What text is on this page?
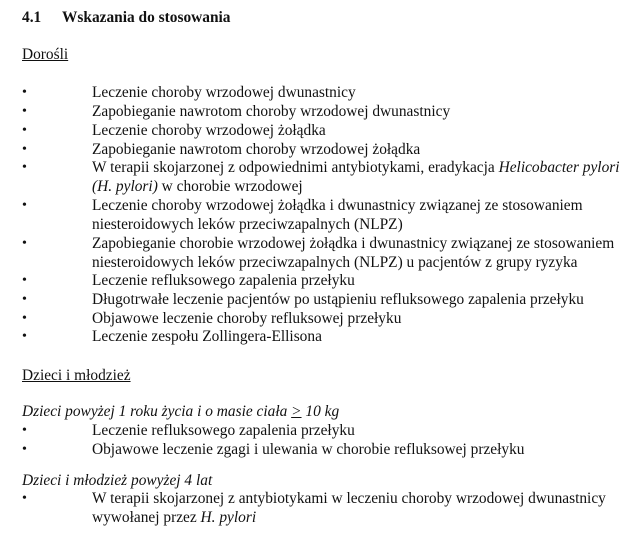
4.1 Wskazania do stosowania
Dorośli
•	Leczenie choroby wrzodowej dwunastnicy
•	Zapobieganie nawrotom choroby wrzodowej dwunastnicy
•	Leczenie choroby wrzodowej żołądka
•	Zapobieganie nawrotom choroby wrzodowej żołądka
•	W terapii skojarzonej z odpowiednimi antybiotykami, eradykacja Helicobacter pylori
(H. pylori) w chorobie wrzodowej
•	Leczenie choroby wrzodowej żołądka i dwunastnicy związanej ze stosowaniem niesteroidowych leków przeciwzapalnych (NLPZ)
•	Zapobieganie chorobie wrzodowej żołądka i dwunastnicy związanej ze stosowaniem niesteroidowych leków przeciwzapalnych (NLPZ) u pacjentów z grupy ryzyka
•	Leczenie refluksowego zapalenia przełyku
•	Długotrwałe leczenie pacjentów po ustąpieniu refluksowego zapalenia przełyku
•	Objawowe leczenie choroby refluksowej przełyku
•	Leczenie zespołu Zollingera-Ellisona
Dzieci i młodzież
Dzieci powyżej 1 roku życia i o masie ciała ≥ 10 kg
•	Leczenie refluksowego zapalenia przełyku
•	Objawowe leczenie zgagi i ulewania w chorobie refluksowej przełyku
Dzieci i młodzież powyżej 4 lat
•	W terapii skojarzonej z antybiotykami w leczeniu choroby wrzodowej dwunastnicy wywołanej przez H. pylori
